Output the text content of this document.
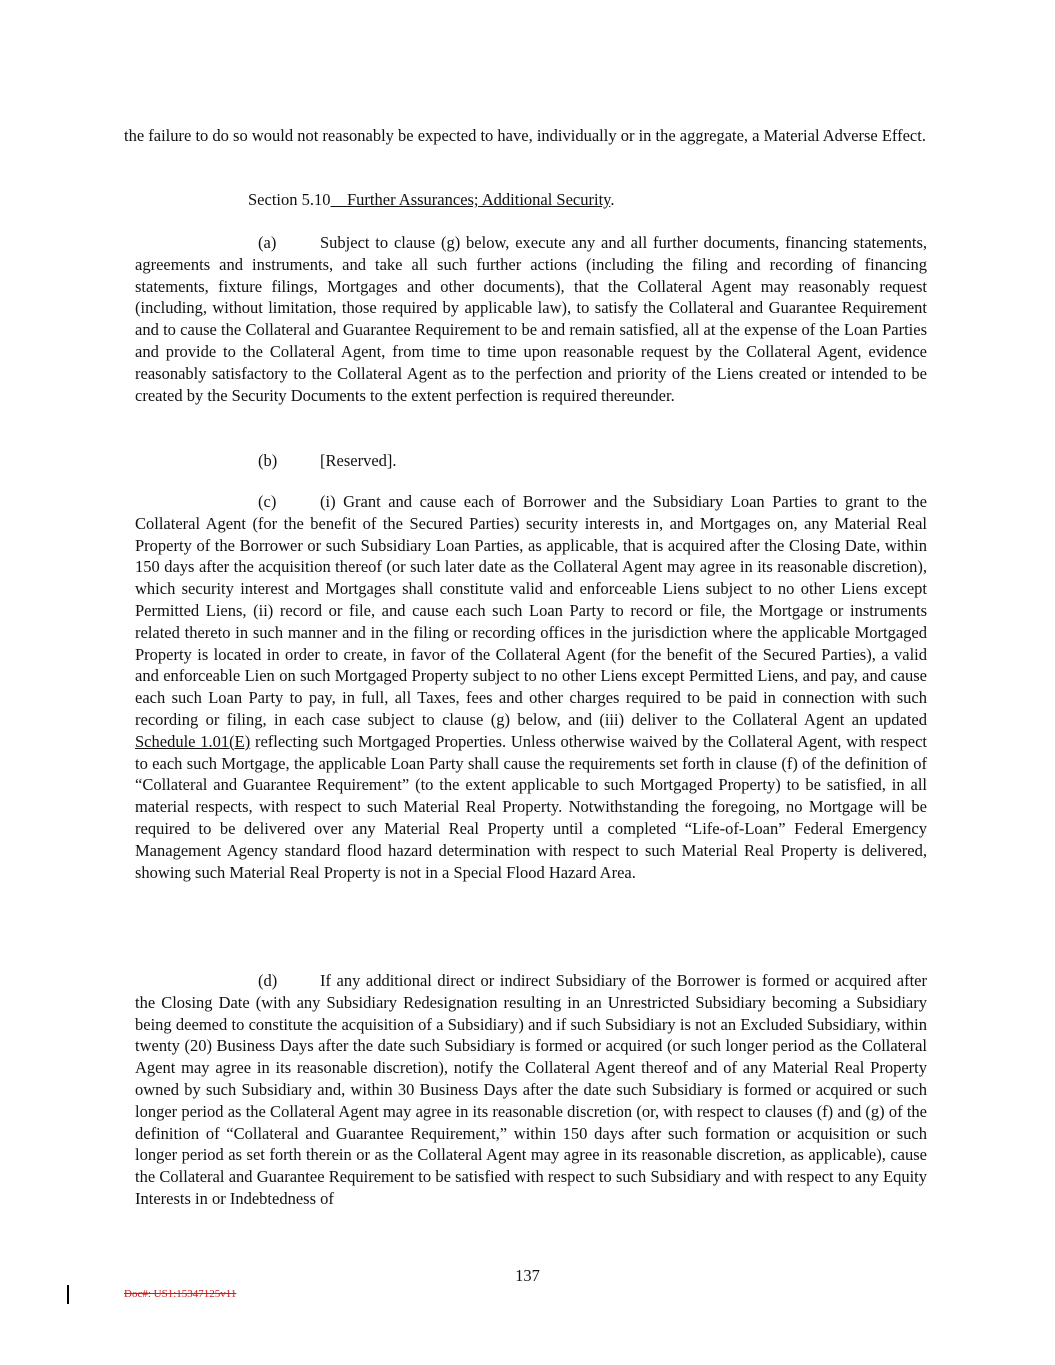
the failure to do so would not reasonably be expected to have, individually or in the aggregate, a Material Adverse Effect.

Section 5.10 Further Assurances; Additional Security.

(a)	Subject to clause (g) below, execute any and all further documents, financing statements, agreements and instruments, and take all such further actions (including the filing and recording of financing statements, fixture filings, Mortgages and other documents), that the Collateral Agent may reasonably request (including, without limitation, those required by applicable law), to satisfy the Collateral and Guarantee Requirement and to cause the Collateral and Guarantee Requirement to be and remain satisfied, all at the expense of the Loan Parties and provide to the Collateral Agent, from time to time upon reasonable request by the Collateral Agent, evidence reasonably satisfactory to the Collateral Agent as to the perfection and priority of the Liens created or intended to be created by the Security Documents to the extent perfection is required thereunder.

(b)	[Reserved].

(c)	(i) Grant and cause each of Borrower and the Subsidiary Loan Parties to grant to the Collateral Agent (for the benefit of the Secured Parties) security interests in, and Mortgages on, any Material Real Property of the Borrower or such Subsidiary Loan Parties, as applicable, that is acquired after the Closing Date, within 150 days after the acquisition thereof (or such later date as the Collateral Agent may agree in its reasonable discretion), which security interest and Mortgages shall constitute valid and enforceable Liens subject to no other Liens except Permitted Liens, (ii) record or file, and cause each such Loan Party to record or file, the Mortgage or instruments related thereto in such manner and in the filing or recording offices in the jurisdiction where the applicable Mortgaged Property is located in order to create, in favor of the Collateral Agent (for the benefit of the Secured Parties), a valid and enforceable Lien on such Mortgaged Property subject to no other Liens except Permitted Liens, and pay, and cause each such Loan Party to pay, in full, all Taxes, fees and other charges required to be paid in connection with such recording or filing, in each case subject to clause (g) below, and (iii) deliver to the Collateral Agent an updated Schedule 1.01(E) reflecting such Mortgaged Properties. Unless otherwise waived by the Collateral Agent, with respect to each such Mortgage, the applicable Loan Party shall cause the requirements set forth in clause (f) of the definition of “Collateral and Guarantee Requirement” (to the extent applicable to such Mortgaged Property) to be satisfied, in all material respects, with respect to such Material Real Property. Notwithstanding the foregoing, no Mortgage will be required to be delivered over any Material Real Property until a completed “Life-of-Loan” Federal Emergency Management Agency standard flood hazard determination with respect to such Material Real Property is delivered, showing such Material Real Property is not in a Special Flood Hazard Area.

(d)	If any additional direct or indirect Subsidiary of the Borrower is formed or acquired after the Closing Date (with any Subsidiary Redesignation resulting in an Unrestricted Subsidiary becoming a Subsidiary being deemed to constitute the acquisition of a Subsidiary) and if such Subsidiary is not an Excluded Subsidiary, within twenty (20) Business Days after the date such Subsidiary is formed or acquired (or such longer period as the Collateral Agent may agree in its reasonable discretion), notify the Collateral Agent thereof and of any Material Real Property owned by such Subsidiary and, within 30 Business Days after the date such Subsidiary is formed or acquired or such longer period as the Collateral Agent may agree in its reasonable discretion (or, with respect to clauses (f) and (g) of the definition of “Collateral and Guarantee Requirement,” within 150 days after such formation or acquisition or such longer period as set forth therein or as the Collateral Agent may agree in its reasonable discretion, as applicable), cause the Collateral and Guarantee Requirement to be satisfied with respect to such Subsidiary and with respect to any Equity Interests in or Indebtedness of

137
Doc#: US1:15347125v11
